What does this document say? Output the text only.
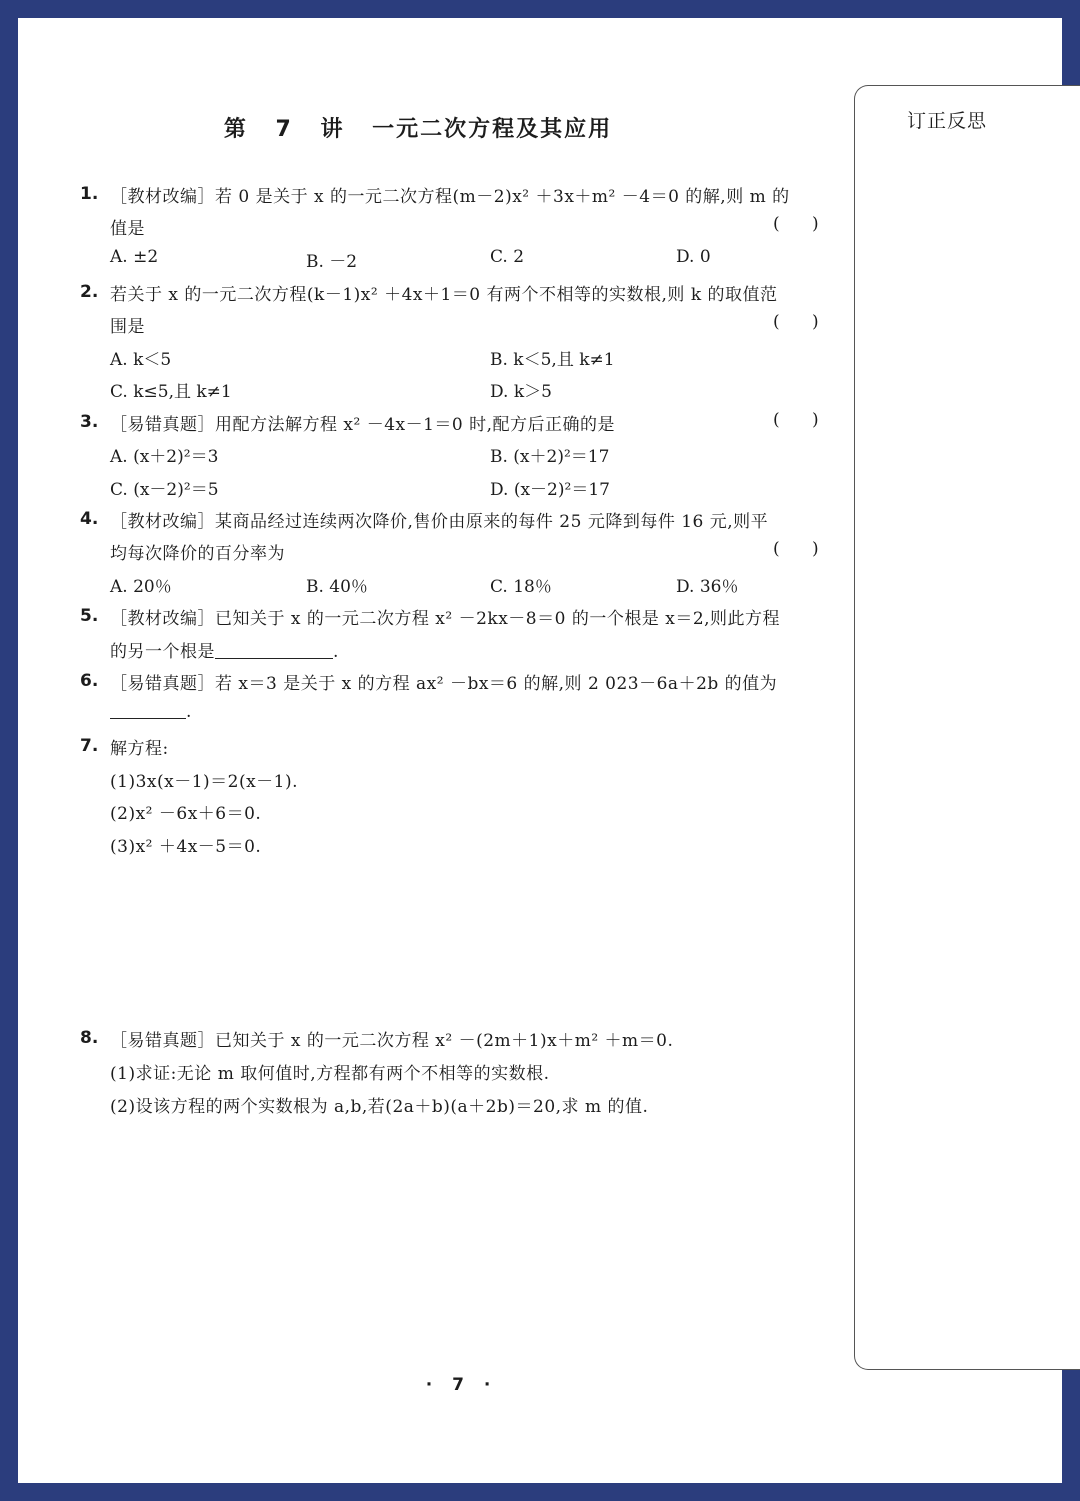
订正反思
第 7 讲 一元二次方程及其应用
1. ［教材改编］若 0 是关于 x 的一元二次方程(m－2)x² ＋3x＋m² －4＝0 的解,则 m 的
值是	(      )
A. ±2	B. －2	C. 2	D. 0
2. 若关于 x 的一元二次方程(k－1)x² ＋4x＋1＝0 有两个不相等的实数根,则 k 的取值范
围是	(      )
A. k＜5	B. k＜5,且 k≠1
C. k≤5,且 k≠1	D. k＞5
3. ［易错真题］用配方法解方程 x² －4x－1＝0 时,配方后正确的是	(      )
A. (x＋2)²＝3	B. (x＋2)²＝17
C. (x－2)²＝5	D. (x－2)²＝17
4. ［教材改编］某商品经过连续两次降价,售价由原来的每件 25 元降到每件 16 元,则平
均每次降价的百分率为	(      )
A. 20％	B. 40％	C. 18％	D. 36％
5. ［教材改编］已知关于 x 的一元二次方程 x² －2kx－8＝0 的一个根是 x＝2,则此方程
的另一个根是	.
6. ［易错真题］若 x＝3 是关于 x 的方程 ax² －bx＝6 的解,则 2 023－6a＋2b 的值为
.
7. 解方程:
(1)3x(x－1)＝2(x－1).
(2)x² －6x＋6＝0.
(3)x² ＋4x－5＝0.
8. ［易错真题］已知关于 x 的一元二次方程 x² －(2m＋1)x＋m² ＋m＝0.
(1)求证:无论 m 取何值时,方程都有两个不相等的实数根.
(2)设该方程的两个实数根为 a,b,若(2a＋b)(a＋2b)＝20,求 m 的值.
· 7 ·
